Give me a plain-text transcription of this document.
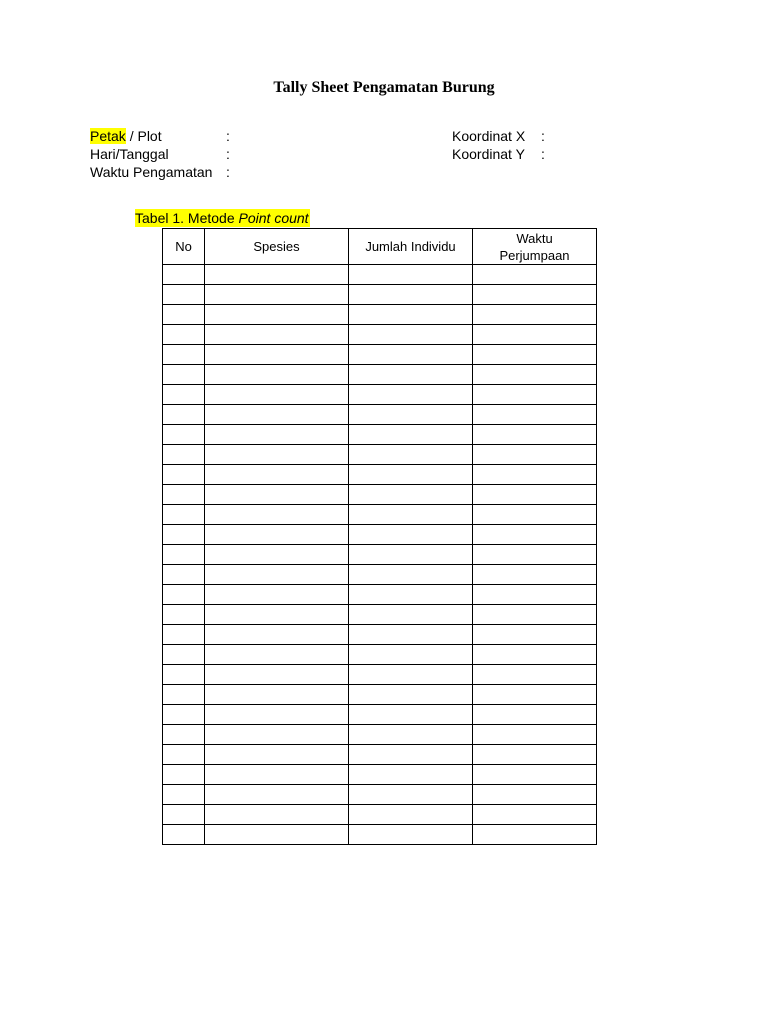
Tally Sheet Pengamatan Burung
Petak / Plot	:
Hari/Tanggal	:
Waktu Pengamatan :
Koordinat X :
Koordinat Y :
Tabel 1. Metode Point count
No	Spesies	Jumlah Individu	Waktu Perjumpaan
